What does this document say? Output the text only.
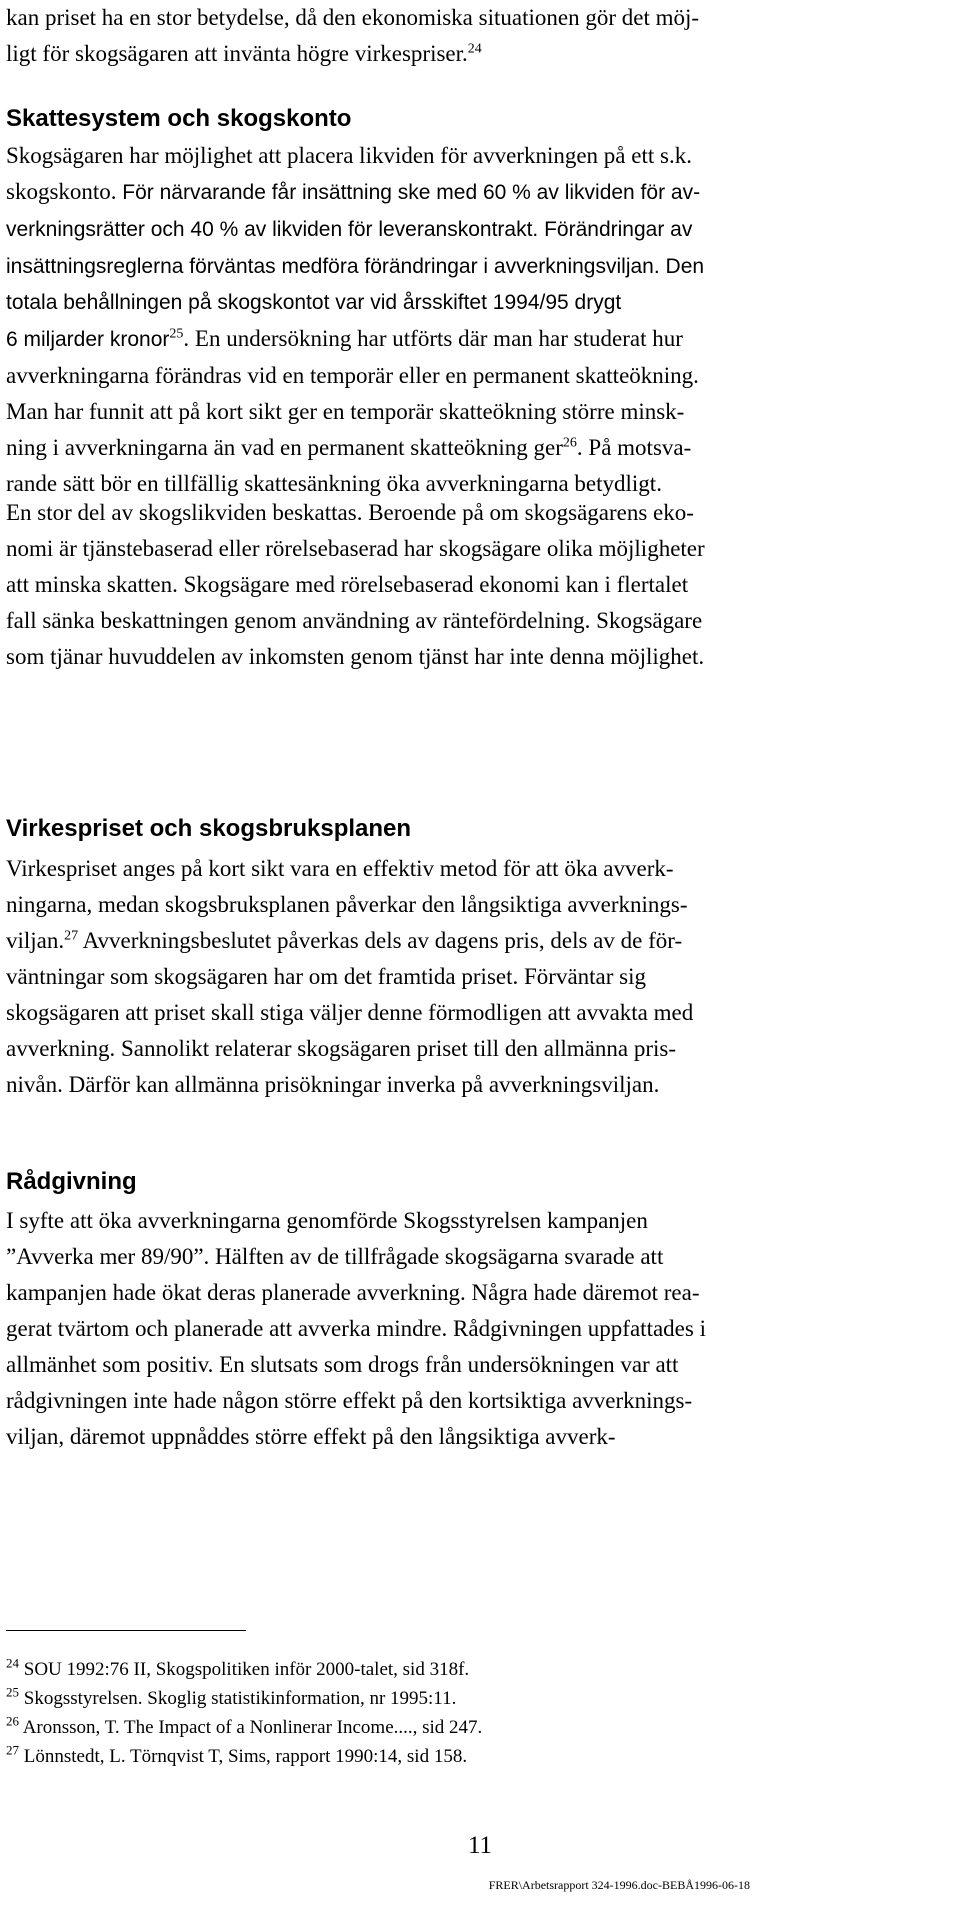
kan priset ha en stor betydelse, då den ekonomiska situationen gör det möj-
ligt för skogsägaren att invänta högre virkespriser.$^{24}$
Skattesystem och skogskonto
Skogsägaren har möjlighet att placera likviden för avverkningen på ett s.k.
skogskonto. För närvarande får insättning ske med 60 % av likviden för av-
verkningsrätter och 40 % av likviden för leveranskontrakt. Förändringar av
insättningsreglerna förväntas medföra förändringar i avverkningsviljan. Den
totala behållningen på skogskontot var vid årsskiftet 1994/95 drygt
6 miljarder kronor$^{25}$. En undersökning har utförts där man har studerat hur
avverkningarna förändras vid en temporär eller en permanent skatteökning.
Man har funnit att på kort sikt ger en temporär skatteökning större minsk-
ning i avverkningarna än vad en permanent skatteökning ger$^{26}$. På motsva-
rande sätt bör en tillfällig skattesänkning öka avverkningarna betydligt.
En stor del av skogslikviden beskattas. Beroende på om skogsägarens eko-
nomi är tjänstebaserad eller rörelsebaserad har skogsägare olika möjligheter
att minska skatten. Skogsägare med rörelsebaserad ekonomi kan i flertalet
fall sänka beskattningen genom användning av räntefördelning. Skogsägare
som tjänar huvuddelen av inkomsten genom tjänst har inte denna möjlighet.
Virkespriset och skogsbruksplanen
Virkespriset anges på kort sikt vara en effektiv metod för att öka avverk-
ningarna, medan skogsbruksplanen påverkar den långsiktiga avverknings-
viljan.$^{27}$ Avverkningsbeslutet påverkas dels av dagens pris, dels av de för-
väntningar som skogsägaren har om det framtida priset. Förväntar sig
skogsägaren att priset skall stiga väljer denne förmodligen att avvakta med
avverkning. Sannolikt relaterar skogsägaren priset till den allmänna pris-
nivån. Därför kan allmänna prisökningar inverka på avverkningsviljan.
Rådgivning
I syfte att öka avverkningarna genomförde Skogsstyrelsen kampanjen
”Avverka mer 89/90”. Hälften av de tillfrågade skogsägarna svarade att
kampanjen hade ökat deras planerade avverkning. Några hade däremot rea-
gerat tvärtom och planerade att avverka mindre. Rådgivningen uppfattades i
allmänhet som positiv. En slutsats som drogs från undersökningen var att
rådgivningen inte hade någon större effekt på den kortsiktiga avverknings-
viljan, däremot uppnåddes större effekt på den långsiktiga avverk-
$^{24}$ SOU 1992:76 II, Skogspolitiken inför 2000-talet, sid 318f.
$^{25}$ Skogsstyrelsen. Skoglig statistikinformation, nr 1995:11.
$^{26}$ Aronsson, T. The Impact of a Nonlinerar Income...., sid 247.
$^{27}$ Lönnstedt, L. Törnqvist T, Sims, rapport 1990:14, sid 158.
11
FRER\Arbetsrapport 324-1996.doc-BEBÅ1996-06-18
